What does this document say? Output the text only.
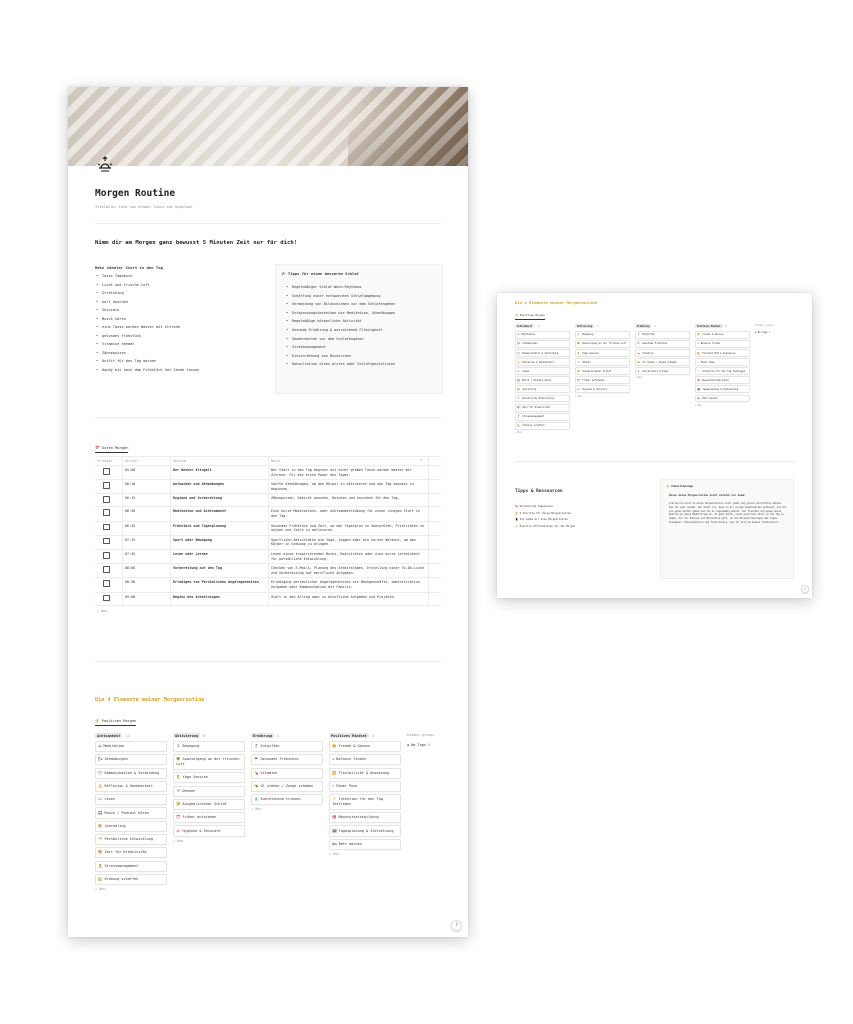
Morgen Routine
Titelbild: Foto von Arabel Tausz auf Unsplash
Nimm dir am Morgen ganz bewusst 5 Minuten Zeit nur für dich!
Mein idealer Start in den Tag
• Tasse Tagebuch
• Licht und frische Luft
• Stretching
• kalt duschen
• Skincare
• Musik hören
• eine Tasse warmes Wasser mit Zitrone
• gesundes Frühstück
• Vitamine nehmen
• Zähneputzen
• Outfit für den Tag machen
• Handy bis nach dem Frühstück hat Sende lassen
💤 Tipps für einen besseren Schlaf
• Regelmäßiger Schlaf-Wach-Rhythmus
• Schaffung einer entspannten Schlafumgebung
• Vermeidung von Bildschirmen vor dem Schlafengehen
• Entspannungstechniken wie Meditation, Atemübungen
• Regelmäßige körperliche Aktivität
• Gesunde Ernährung & ausreichend Flüssigkeit
• Gewohnheiten vor dem Schlafengehen
• Stressmanagement
• Einschränkung von Nickerchen
• Konsultation eines Arztes oder Schlafspezialisten
📅 Guten Morgen
+ ···
Erledigt	Uhrzeit	Routine	Notiz
05:00	Der Wecker klingelt	Der Start in den Tag beginnt mit einer großen Tasse warmen Wasser mit Zitrone. Für die erste Power des Tages.
06:10	Aufwachen und Atemübungen	Sanfte Atemübungen, um den Körper zu aktivieren und den Tag bewusst zu beginnen.
06:15	Hygiene und Vorbereitung	Zähneputzen, Gesicht waschen, Duschen und Anziehen für den Tag.
06:30	Meditation und Achtsamkeit	Eine kurze Meditations- oder Achtsamkeitsübung für einen ruhigen Start in den Tag.
06:45	Frühstück und Tagesplanung	Gesundes Frühstück und Zeit, um den Tagesplan zu überprüfen, Prioritäten zu setzen und Ziele zu definieren.
07:15	Sport oder Bewegung	Sportliche Aktivitäten wie Yoga, Joggen oder ein kurzes Workout, um den Körper in Schwung zu bringen.
07:45	Lesen oder Lernen	Lesen eines inspirierenden Buchs, Nachrichten oder eine kurze Lerneinheit für persönliche Entwicklung.
08:00	Vorbereitung auf den Tag	Checken von E-Mails, Planung des Arbeitstages, Erstellung einer To-Do-Liste und Vorbereitung auf berufliche Aufgaben.
08:30	Erledigen von Persönlichen Angelegenheiten	Erledigung persönlicher Angelegenheiten wie Bankgeschäfte, administrative Aufgaben oder Kommunikation mit Familie.
09:00	Beginn des Arbeitstages	Start in den Alltag oder in berufliche Aufgaben und Projekte.
+ Neu
Die 4 Elemente meiner Morgenroutine
🧭 Positives Morgen
Achtsamkeit	11
🕉 Meditation
🌬 Atemübungen
💬 Kommunikation & Verbindung
🙏 Reflexion & Dankbarkeit
📖 Lesen
🎧 Musik / Podcast hören
📔 Journaling
🌱 Persönliche Entwicklung
🎨 Zeit für Kreativität
🧘 Stressmanagement
🏡 Ordnung schaffen
+ Neu
Aktivierung	6
🏃 Bewegung
🌳 Spaziergang an der frischen Luft
🧘 Yoga Session
🚿 Dehnen
😴 Ausgeglichener Schlaf
⏰ Früher aufstehen
🧼 Hygiene & Skincare
+ Neu
Ernährung	5
🥤 Entgiften
🥗 Gesundes Frühstück
💊 Vitamine
🫒 Öl ziehen / Zunge schaben
💧 Ausreichend trinken
+ Neu
Positives Mindset	8
😊 Freude & Genuss
⚖ Balance finden
🔀 Flexibilität & Anpassung
⚡ Power Pose
✨ Intention für den Tag festlegen
🎯 Bewusstseinsbildung
🗓 Tagesplanung & Zielsetzung
🛏 Bett machen
+ Neu
Hidden groups
▪ No Tags 0
?
Die 4 Elemente meiner Morgenroutine
🧭 Positives Morgen
Achtsamkeit	11
🕉 Meditation
🌬 Atemübungen
💬 Kommunikation & Verbindung
🙏 Reflexion & Dankbarkeit
📖 Lesen
🎧 Musik / Podcast hören
📔 Journaling
🌱 Persönliche Entwicklung
🎨 Zeit für Kreativität
🧘 Stressmanagement
🏡 Ordnung schaffen
+ Neu
Aktivierung	6
🏃 Bewegung
🌳 Spaziergang an der frischen Luft
🧘 Yoga Session
🚿 Dehnen
😴 Ausgeglichener Schlaf
⏰ Früher aufstehen
🧼 Hygiene & Skincare
+ Neu
Ernährung	5
🥤 Entgiften
🥗 Gesundes Frühstück
💊 Vitamine
🫒 Öl ziehen / Zunge schaben
💧 Ausreichend trinken
+ Neu
Positives Mindset	8
😊 Freude & Genuss
⚖ Balance finden
🔀 Flexibilität & Anpassung
⚡ Power Pose
✨ Intention für den Tag festlegen
🎯 Bewusstseinsbildung
🗓 Tagesplanung & Zielsetzung
🛏 Bett machen
+ Neu
Hidden groups
▪ No Tags 0
Tipps & Ressourcen
🔖 Persönliche Tagesziele
🏆 5 Schritte für deine Morgenroutine
📱 Ich nehme mir eine Morgenroutine
📝 Positive Affirmationen für den Morgen
💡 Inhaltsbezüge
Passe deine Morgenroutine nicht einfach nur kaum:
Vielleicht wirst du deine Morgenroutine nicht jeden Tag gleich durchführen können. Das ist ganz normal. Der Punkt ist, dass du dir einige Gewohnheiten aufbaust, die dir ein gutes Gefühl geben und die du regelmäßig machst. Sei flexibel und passe deine Routine an deine Bedürfnisse an. Es geht darum, einen positiven Start in den Tag zu haben, der dir Energie und Motivation gibt, um die Herausforderungen des Tages anzugehen. Experimentiere und finde heraus, was für dich am besten funktioniert.
?
